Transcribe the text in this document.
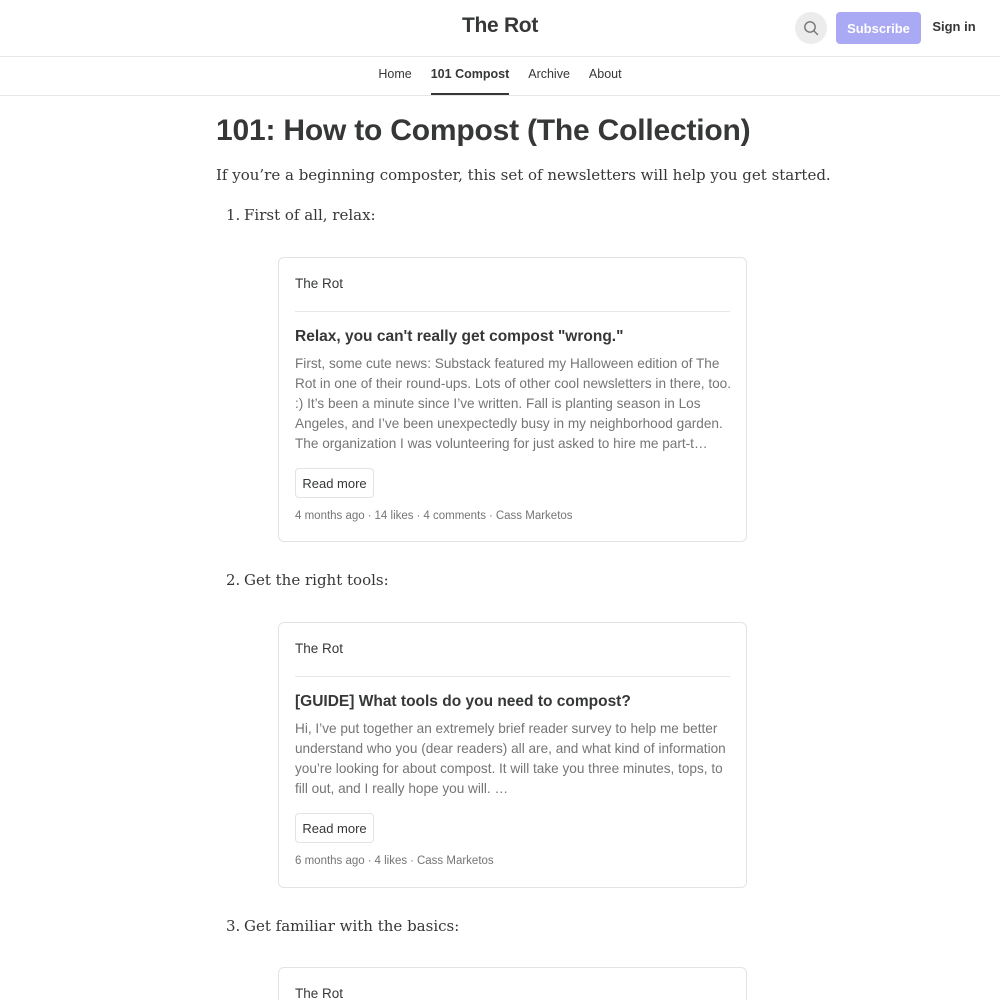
The Rot	Subscribe	Sign in
Home 101 Compost Archive About
101: How to Compost (The Collection)

If you’re a beginning composter, this set of newsletters will help you get started.

1. First of all, relax:
The Rot
Relax, you can't really get compost "wrong."
First, some cute news: Substack featured my Halloween edition of The Rot in one of their round-ups. Lots of other cool newsletters in there, too. :) It’s been a minute since I’ve written. Fall is planting season in Los Angeles, and I’ve been unexpectedly busy in my neighborhood garden. The organization I was volunteering for just asked to hire me part-t…
Read more
4 months ago · 14 likes · 4 comments · Cass Marketos
2. Get the right tools:
The Rot
[GUIDE] What tools do you need to compost?
Hi, I’ve put together an extremely brief reader survey to help me better understand who you (dear readers) all are, and what kind of information you’re looking for about compost. It will take you three minutes, tops, to fill out, and I really hope you will. …
Read more
6 months ago · 4 likes · Cass Marketos
3. Get familiar with the basics:
The Rot
